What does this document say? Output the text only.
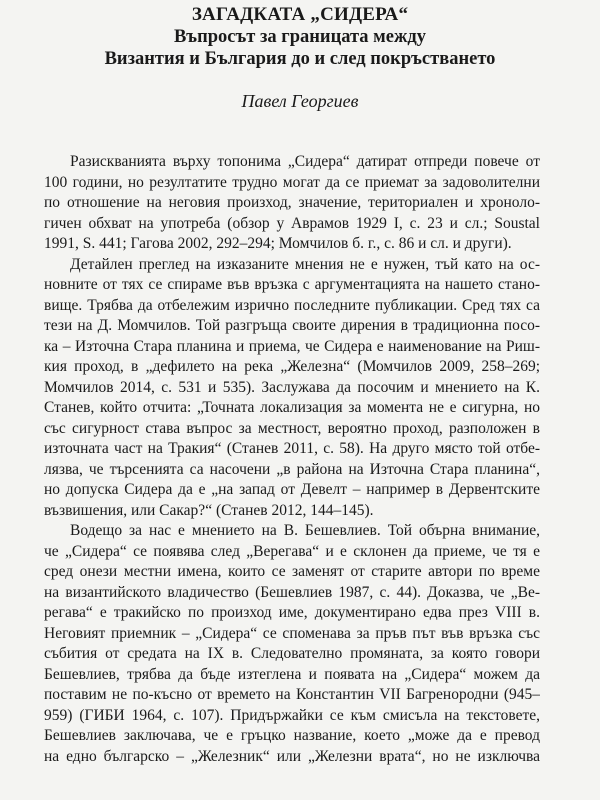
ЗАГАДКАТА „СИДЕРА“
Въпросът за границата между
Византия и България до и след покръстването
Павел Георгиев
Разискванията върху топонима „Сидера“ датират отпреди повече от
100 години, но резултатите трудно могат да се приемат за задоволителни
по отношение на неговия произход, значение, териториален и хроноло-
гичен обхват на употреба (обзор у Аврамов 1929 I, с. 23 и сл.; Soustal
1991, S. 441; Гагова 2002, 292–294; Момчилов б. г., с. 86 и сл. и други).
Детайлен преглед на изказаните мнения не е нужен, тъй като на ос-
новните от тях се спираме във връзка с аргументацията на нашето стано-
вище. Трябва да отбележим изрично последните публикации. Сред тях са
тези на Д. Момчилов. Той разгръща своите дирения в традиционна посо-
ка – Източна Стара планина и приема, че Сидера е наименование на Риш-
кия проход, в „дефилето на река „Железна“ (Момчилов 2009, 258–269;
Момчилов 2014, с. 531 и 535). Заслужава да посочим и мнението на К.
Станев, който отчита: „Точната локализация за момента не е сигурна, но
със сигурност става въпрос за местност, вероятно проход, разположен в
източната част на Тракия“ (Станев 2011, с. 58). На друго място той отбе-
лязва, че търсенията са насочени „в района на Източна Стара планина“,
но допуска Сидера да е „на запад от Девелт – например в Дервентските
възвишения, или Сакар?“ (Станев 2012, 144–145).
Водещо за нас е мнението на В. Бешевлиев. Той обърна внимание,
че „Сидера“ се появява след „Верегава“ и е склонен да приеме, че тя е
сред онези местни имена, които се заменят от старите автори по време
на византийското владичество (Бешевлиев 1987, с. 44). Доказва, че „Ве-
регава“ е тракийско по произход име, документирано едва през VIII в.
Неговият приемник – „Сидера“ се споменава за пръв път във връзка със
събития от средата на IX в. Следователно промяната, за която говори
Бешевлиев, трябва да бъде изтеглена и появата на „Сидера“ можем да
поставим не по-късно от времето на Константин VII Багренородни (945–
959) (ГИБИ 1964, с. 107). Придържайки се към смисъла на текстовете,
Бешевлиев заключава, че е гръцко название, което „може да е превод
на едно българско – „Железник“ или „Железни врата“, но не изключва
